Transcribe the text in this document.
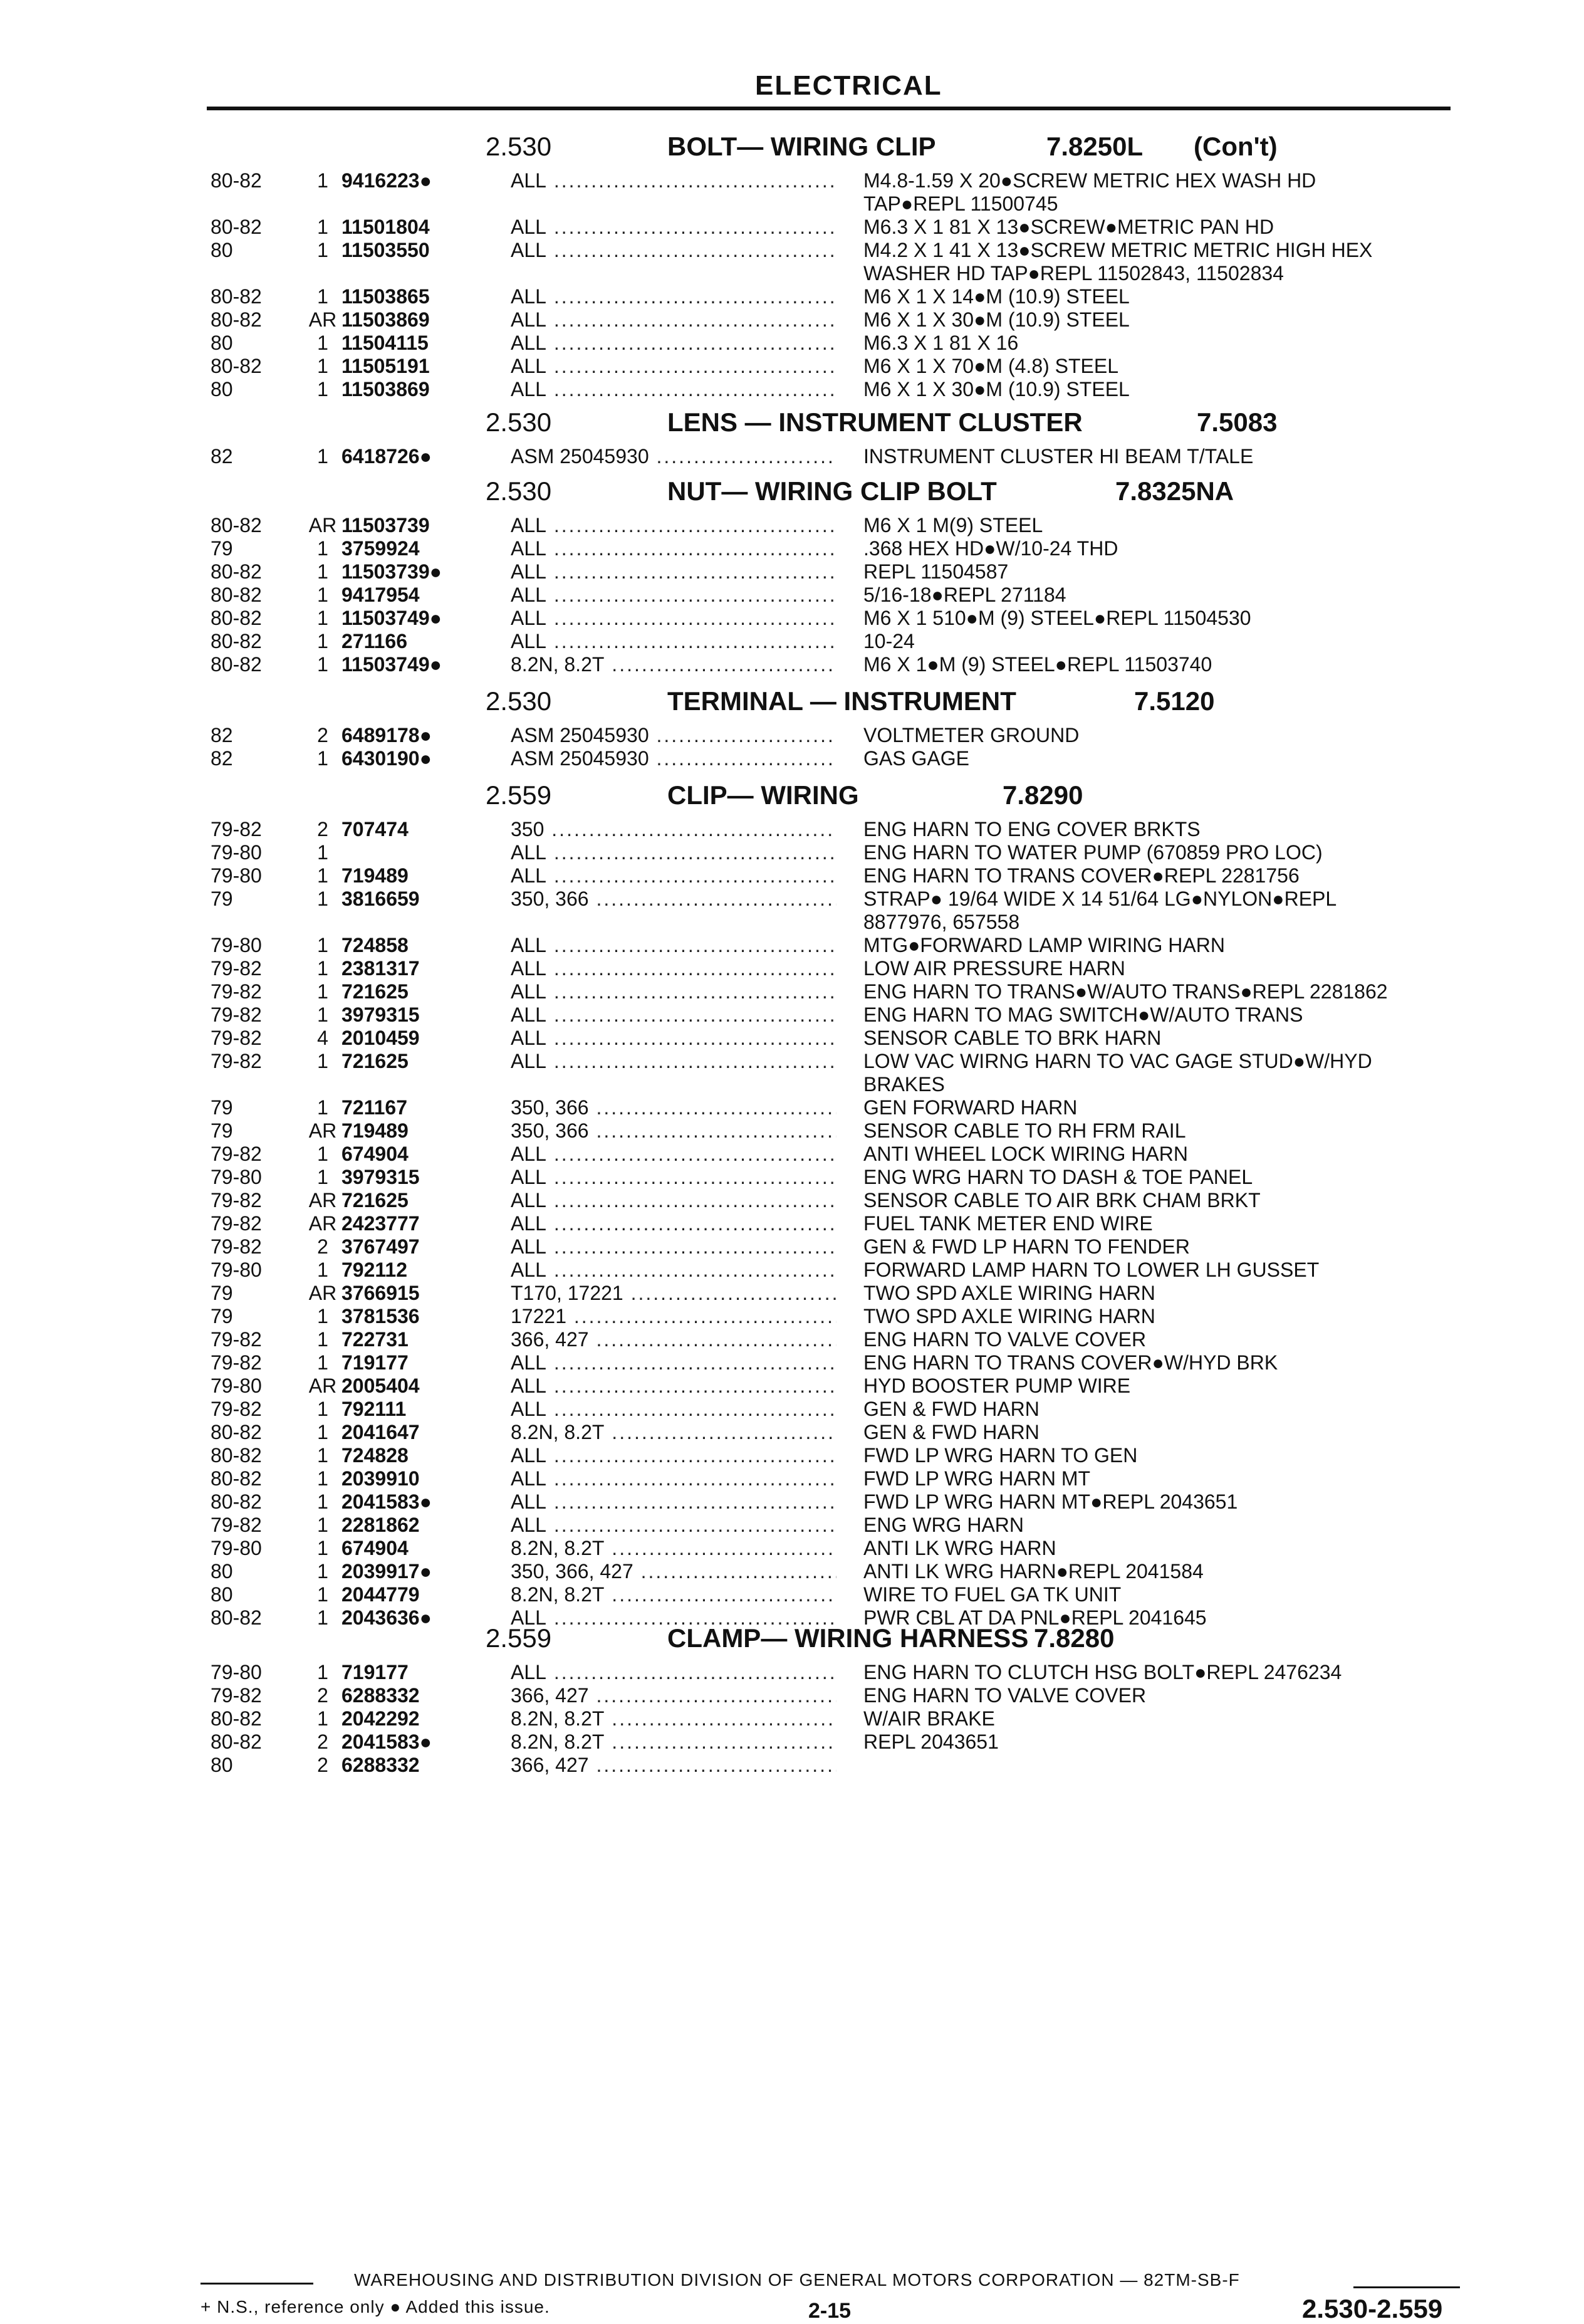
ELECTRICAL
2.530	BOLT— WIRING CLIP	7.8250L (Con't)
80-82	1 9416223●	ALL .....	M4.8-1.59 X 20●SCREW METRIC HEX WASH HD
TAP●REPL 11500745
80-82	1 11501804	ALL .....	M6.3 X 1 81 X 13●SCREW●METRIC PAN HD
80	1 11503550	ALL .....	M4.2 X 1 41 X 13●SCREW METRIC METRIC HIGH HEX
WASHER HD TAP●REPL 11502843, 11502834
80-82	1 11503865	ALL .....	M6 X 1 X 14●M (10.9) STEEL
80-82	AR 11503869	ALL .....	M6 X 1 X 30●M (10.9) STEEL
80	1 11504115	ALL .....	M6.3 X 1 81 X 16
80-82	1 11505191	ALL .....	M6 X 1 X 70●M (4.8) STEEL
80	1 11503869	ALL .....	M6 X 1 X 30●M (10.9) STEEL
2.530	LENS — INSTRUMENT CLUSTER	7.5083
82	1 6418726●	ASM 25045930 .....	INSTRUMENT CLUSTER HI BEAM T/TALE
2.530	NUT— WIRING CLIP BOLT	7.8325NA
80-82	AR 11503739	ALL .....	M6 X 1 M(9) STEEL
79	1 3759924	ALL .....	.368 HEX HD●W/10-24 THD
80-82	1 11503739●	ALL .....	REPL 11504587
80-82	1 9417954	ALL .....	5/16-18●REPL 271184
80-82	1 11503749●	ALL .....	M6 X 1 510●M (9) STEEL●REPL 11504530
80-82	1 271166	ALL .....	10-24
80-82	1 11503749●	8.2N, 8.2T .....	M6 X 1●M (9) STEEL●REPL 11503740
2.530	TERMINAL — INSTRUMENT	7.5120
82	2 6489178●	ASM 25045930 .....	VOLTMETER GROUND
82	1 6430190●	ASM 25045930 .....	GAS GAGE
2.559	CLIP— WIRING	7.8290
79-82	2 707474	350 .....	ENG HARN TO ENG COVER BRKTS
79-80	1	ALL .....	ENG HARN TO WATER PUMP (670859 PRO LOC)
79-80	1 719489	ALL .....	ENG HARN TO TRANS COVER●REPL 2281756
79	1 3816659	350, 366 .....	STRAP● 19/64 WIDE X 14 51/64 LG●NYLON●REPL
8877976, 657558
79-80	1 724858	ALL .....	MTG●FORWARD LAMP WIRING HARN
79-82	1 2381317	ALL .....	LOW AIR PRESSURE HARN
79-82	1 721625	ALL .....	ENG HARN TO TRANS●W/AUTO TRANS●REPL 2281862
79-82	1 3979315	ALL .....	ENG HARN TO MAG SWITCH●W/AUTO TRANS
79-82	4 2010459	ALL .....	SENSOR CABLE TO BRK HARN
79-82	1 721625	ALL .....	LOW VAC WIRNG HARN TO VAC GAGE STUD●W/HYD
BRAKES
79	1 721167	350, 366 .....	GEN FORWARD HARN
79	AR 719489	350, 366 .....	SENSOR CABLE TO RH FRM RAIL
79-82	1 674904	ALL .....	ANTI WHEEL LOCK WIRING HARN
79-80	1 3979315	ALL .....	ENG WRG HARN TO DASH & TOE PANEL
79-82	AR 721625	ALL .....	SENSOR CABLE TO AIR BRK CHAM BRKT
79-82	AR 2423777	ALL .....	FUEL TANK METER END WIRE
79-82	2 3767497	ALL .....	GEN & FWD LP HARN TO FENDER
79-80	1 792112	ALL .....	FORWARD LAMP HARN TO LOWER LH GUSSET
79	AR 3766915	T170, 17221 .....	TWO SPD AXLE WIRING HARN
79	1 3781536	17221 .....	TWO SPD AXLE WIRING HARN
79-82	1 722731	366, 427 .....	ENG HARN TO VALVE COVER
79-82	1 719177	ALL .....	ENG HARN TO TRANS COVER●W/HYD BRK
79-80	AR 2005404	ALL .....	HYD BOOSTER PUMP WIRE
79-82	1 792111	ALL .....	GEN & FWD HARN
80-82	1 2041647	8.2N, 8.2T .....	GEN & FWD HARN
80-82	1 724828	ALL .....	FWD LP WRG HARN TO GEN
80-82	1 2039910	ALL .....	FWD LP WRG HARN MT
80-82	1 2041583●	ALL .....	FWD LP WRG HARN MT●REPL 2043651
79-82	1 2281862	ALL .....	ENG WRG HARN
79-80	1 674904	8.2N, 8.2T .....	ANTI LK WRG HARN
80	1 2039917●	350, 366, 427 .....	ANTI LK WRG HARN●REPL 2041584
80	1 2044779	8.2N, 8.2T .....	WIRE TO FUEL GA TK UNIT
80-82	1 2043636●	ALL .....	PWR CBL AT DA PNL●REPL 2041645
2.559	CLAMP— WIRING HARNESS 7.8280
79-80	1 719177	ALL .....	ENG HARN TO CLUTCH HSG BOLT●REPL 2476234
79-82	2 6288332	366, 427 .....	ENG HARN TO VALVE COVER
80-82	1 2042292	8.2N, 8.2T .....	W/AIR BRAKE
80-82	2 2041583●	8.2N, 8.2T .....	REPL 2043651
80	2 6288332	366, 427 .....
WAREHOUSING AND DISTRIBUTION DIVISION OF GENERAL MOTORS CORPORATION — 82TM-SB-F
+ N.S., reference only ● Added this issue.	2-15	2.530-2.559
